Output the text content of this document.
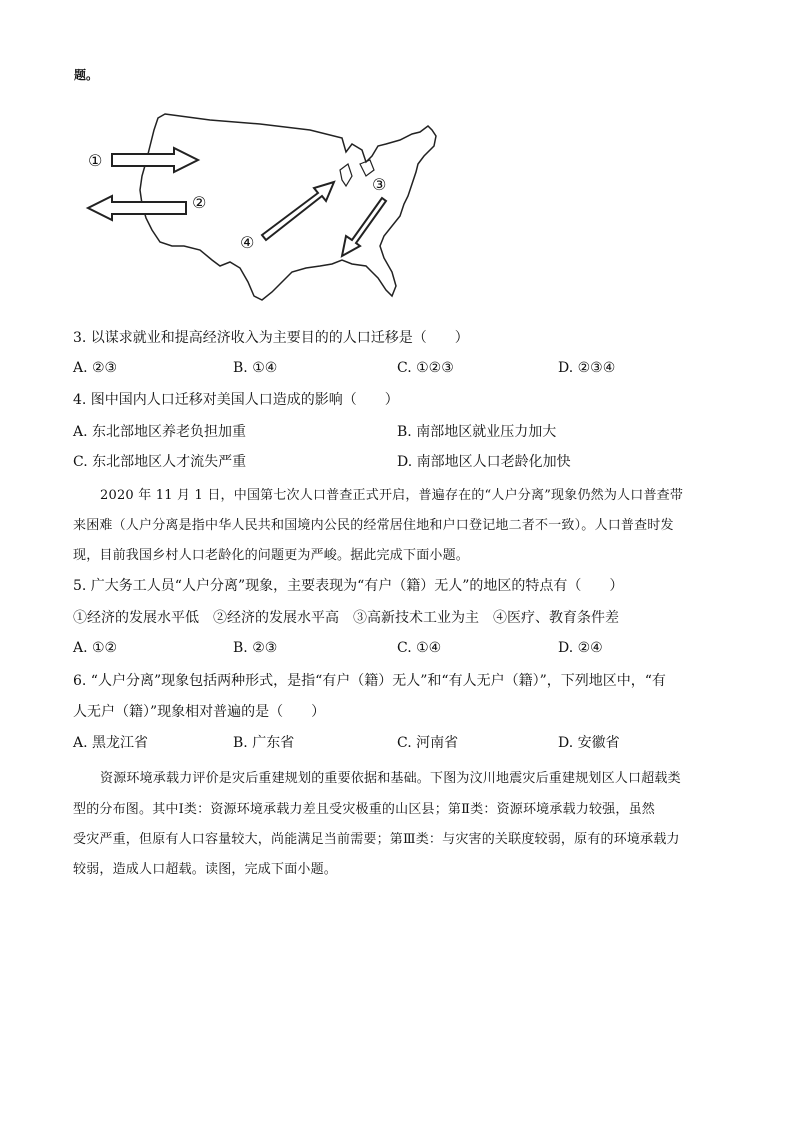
题。
①
②
④
③
3. 以谋求就业和提高经济收入为主要目的的人口迁移是（　　）
A. ②③	B. ①④	C. ①②③	D. ②③④
4. 图中国内人口迁移对美国人口造成的影响（　　）
A. 东北部地区养老负担加重	B. 南部地区就业压力加大
C. 东北部地区人才流失严重	D. 南部地区人口老龄化加快
2020 年 11 月 1 日，中国第七次人口普查正式开启，普遍存在的“人户分离”现象仍然为人口普查带
来困难（人户分离是指中华人民共和国境内公民的经常居住地和户口登记地二者不一致）。人口普查时发
现，目前我国乡村人口老龄化的问题更为严峻。据此完成下面小题。
5. 广大务工人员“人户分离”现象，主要表现为“有户（籍）无人”的地区的特点有（　　）
①经济的发展水平低　②经济的发展水平高　③高新技术工业为主　④医疗、教育条件差
A. ①②	B. ②③	C. ①④	D. ②④
6. “人户分离”现象包括两种形式，是指“有户（籍）无人”和“有人无户（籍）”，下列地区中，“有
人无户（籍）”现象相对普遍的是（　　）
A. 黑龙江省	B. 广东省	C. 河南省	D. 安徽省
资源环境承载力评价是灾后重建规划的重要依据和基础。下图为汶川地震灾后重建规划区人口超载类
型的分布图。其中Ⅰ类：资源环境承载力差且受灾极重的山区县；第Ⅱ类：资源环境承载力较强，虽然
受灾严重，但原有人口容量较大，尚能满足当前需要；第Ⅲ类：与灾害的关联度较弱，原有的环境承载力
较弱，造成人口超载。读图，完成下面小题。
